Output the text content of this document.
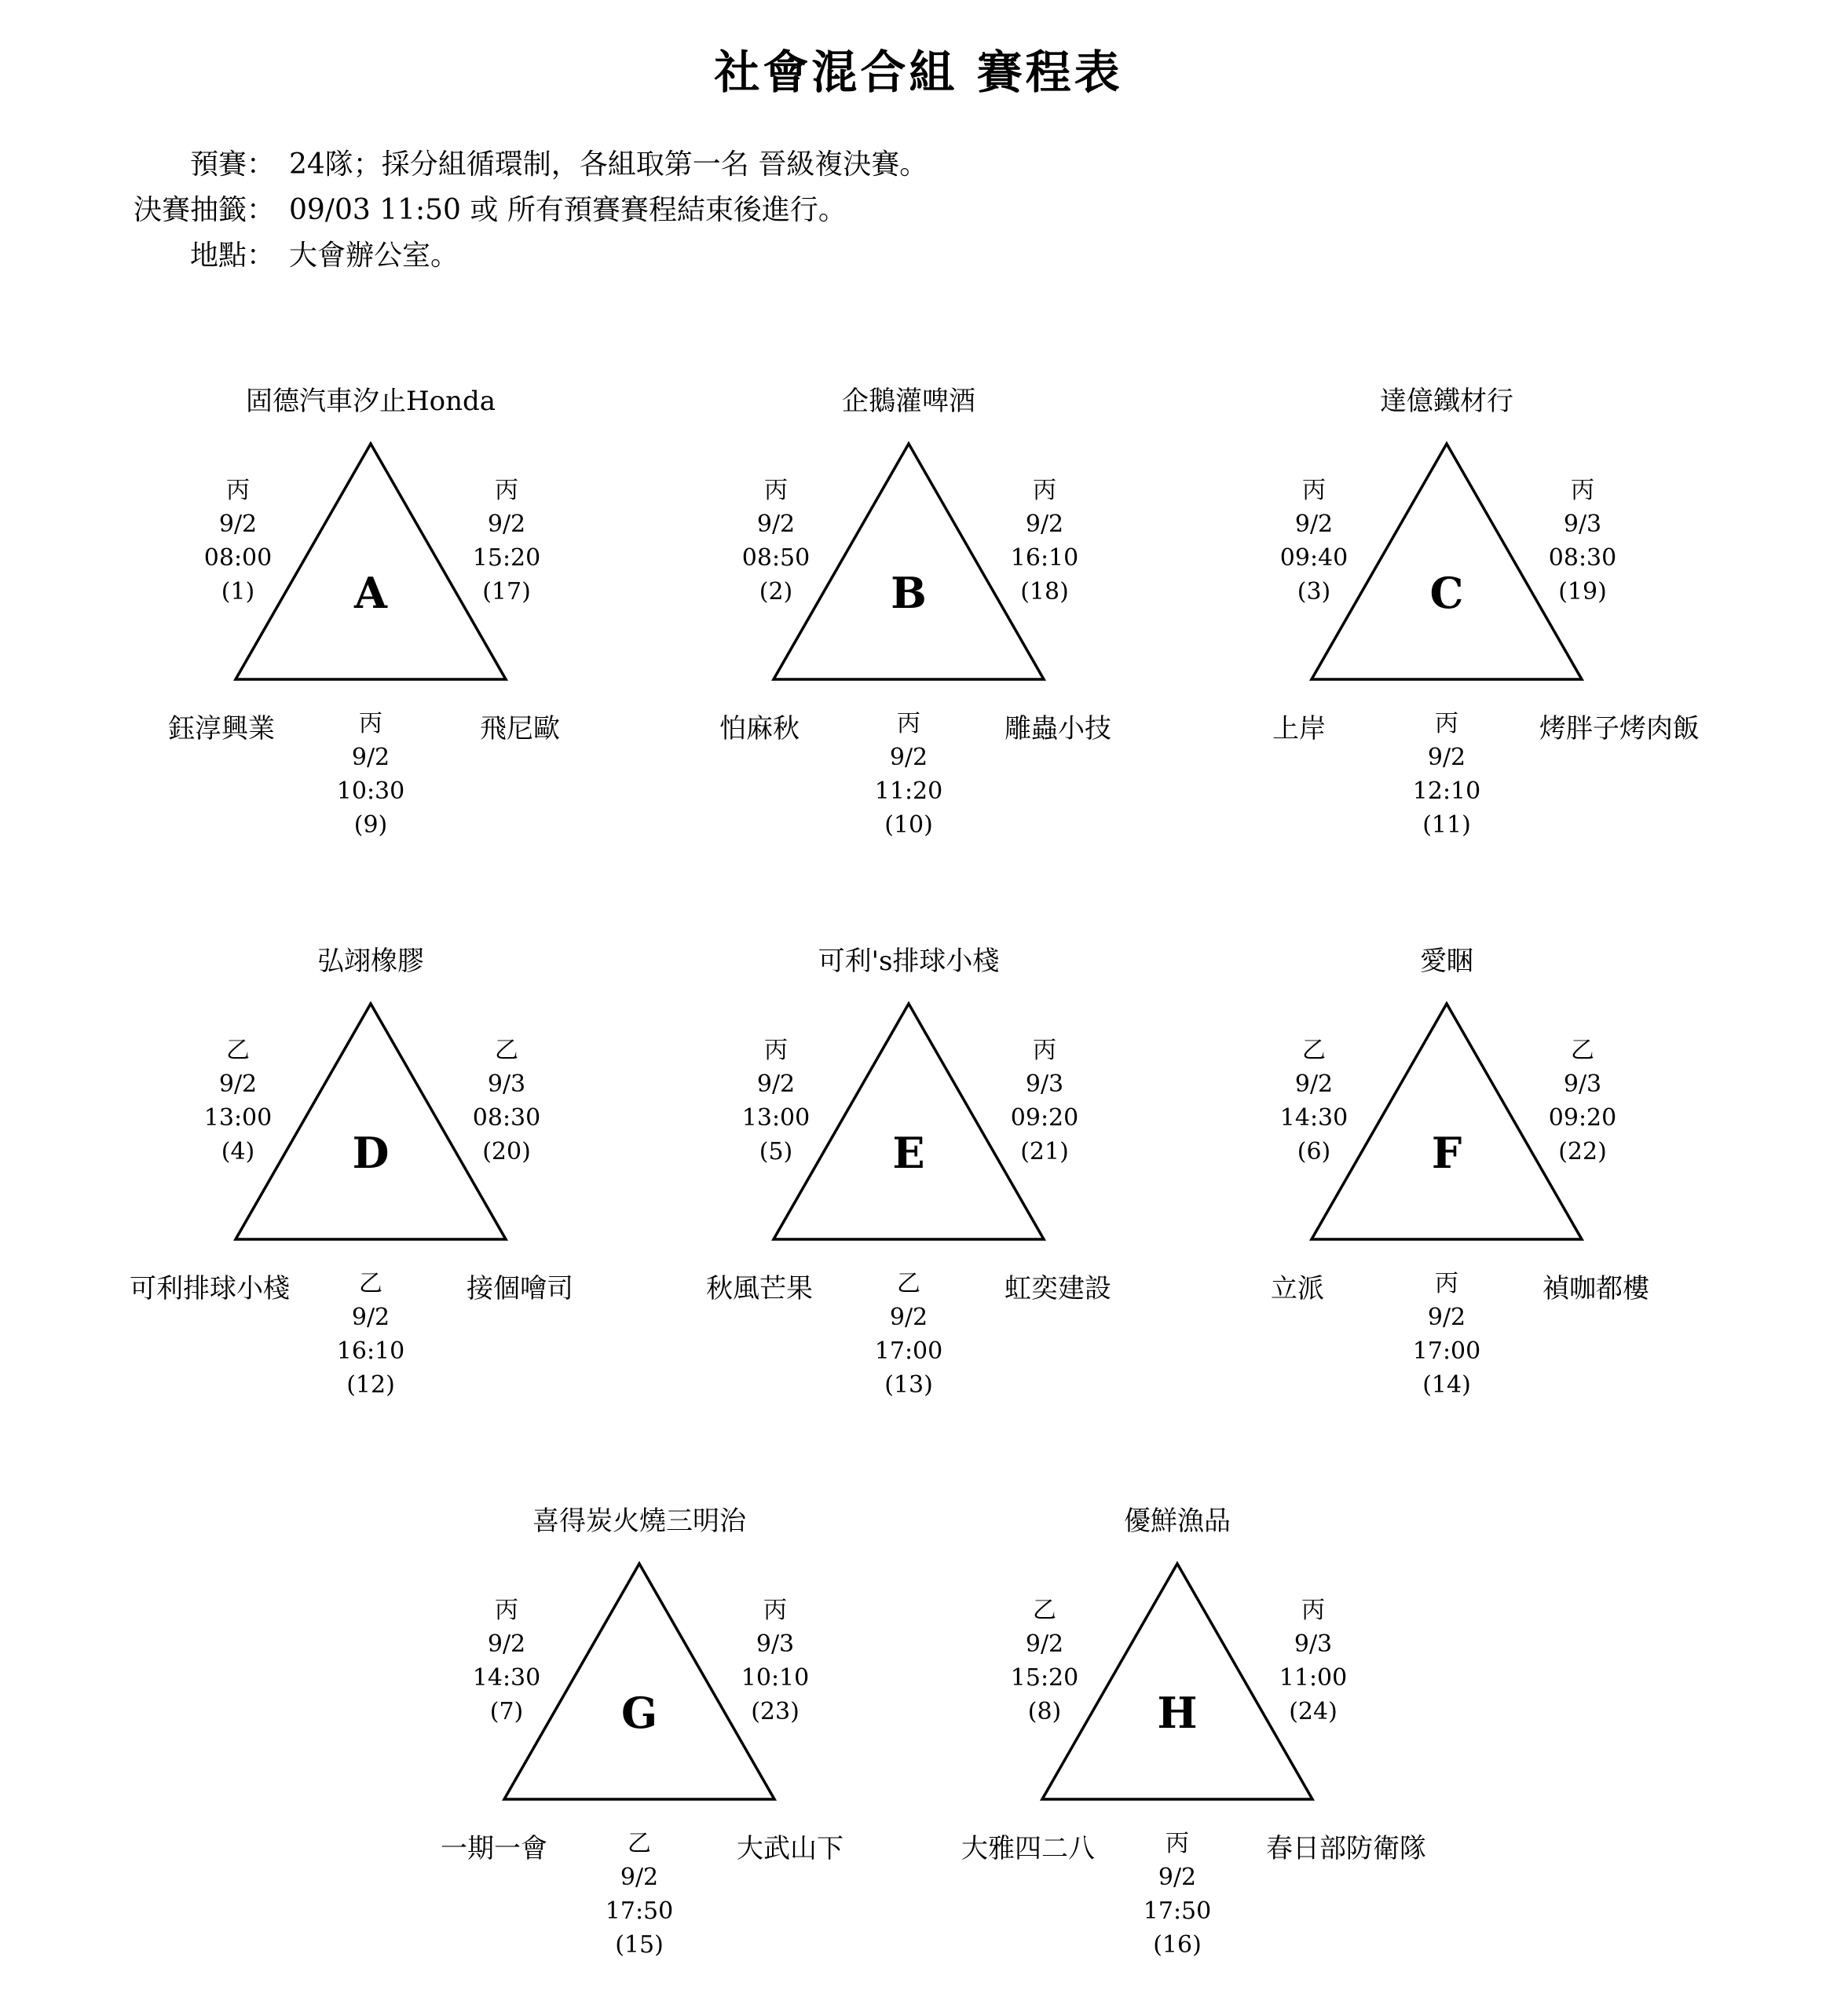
社會混合組 賽程表
預賽： 24隊；採分組循環制，各組取第一名 晉級複決賽。
決賽抽籤： 09/03 11:50 或 所有預賽賽程結束後進行。
地點： 大會辦公室。
固德汽車汐止Honda
A
丙
9/2
08:00
(1)
丙
9/2
15:20
(17)
丙
9/2
10:30
(9)
鈺淳興業	飛尼歐
企鵝灌啤酒
B
丙
9/2
08:50
(2)
丙
9/2
16:10
(18)
丙
9/2
11:20
(10)
怕麻秋	雕蟲小技
達億鐵材行
C
丙
9/2
09:40
(3)
丙
9/3
08:30
(19)
丙
9/2
12:10
(11)
上岸	烤胖子烤肉飯
弘翊橡膠
D
乙
9/2
13:00
(4)
乙
9/3
08:30
(20)
乙
9/2
16:10
(12)
可利排球小棧	接個噲司
可利's排球小棧
E
丙
9/2
13:00
(5)
丙
9/3
09:20
(21)
乙
9/2
17:00
(13)
秋風芒果	虹奕建設
愛睏
F
乙
9/2
14:30
(6)
乙
9/3
09:20
(22)
丙
9/2
17:00
(14)
立派	禎咖都樓
喜得炭火燒三明治
G
丙
9/2
14:30
(7)
丙
9/3
10:10
(23)
乙
9/2
17:50
(15)
一期一會	大武山下
優鮮漁品
H
乙
9/2
15:20
(8)
丙
9/3
11:00
(24)
丙
9/2
17:50
(16)
大雅四二八	春日部防衛隊
